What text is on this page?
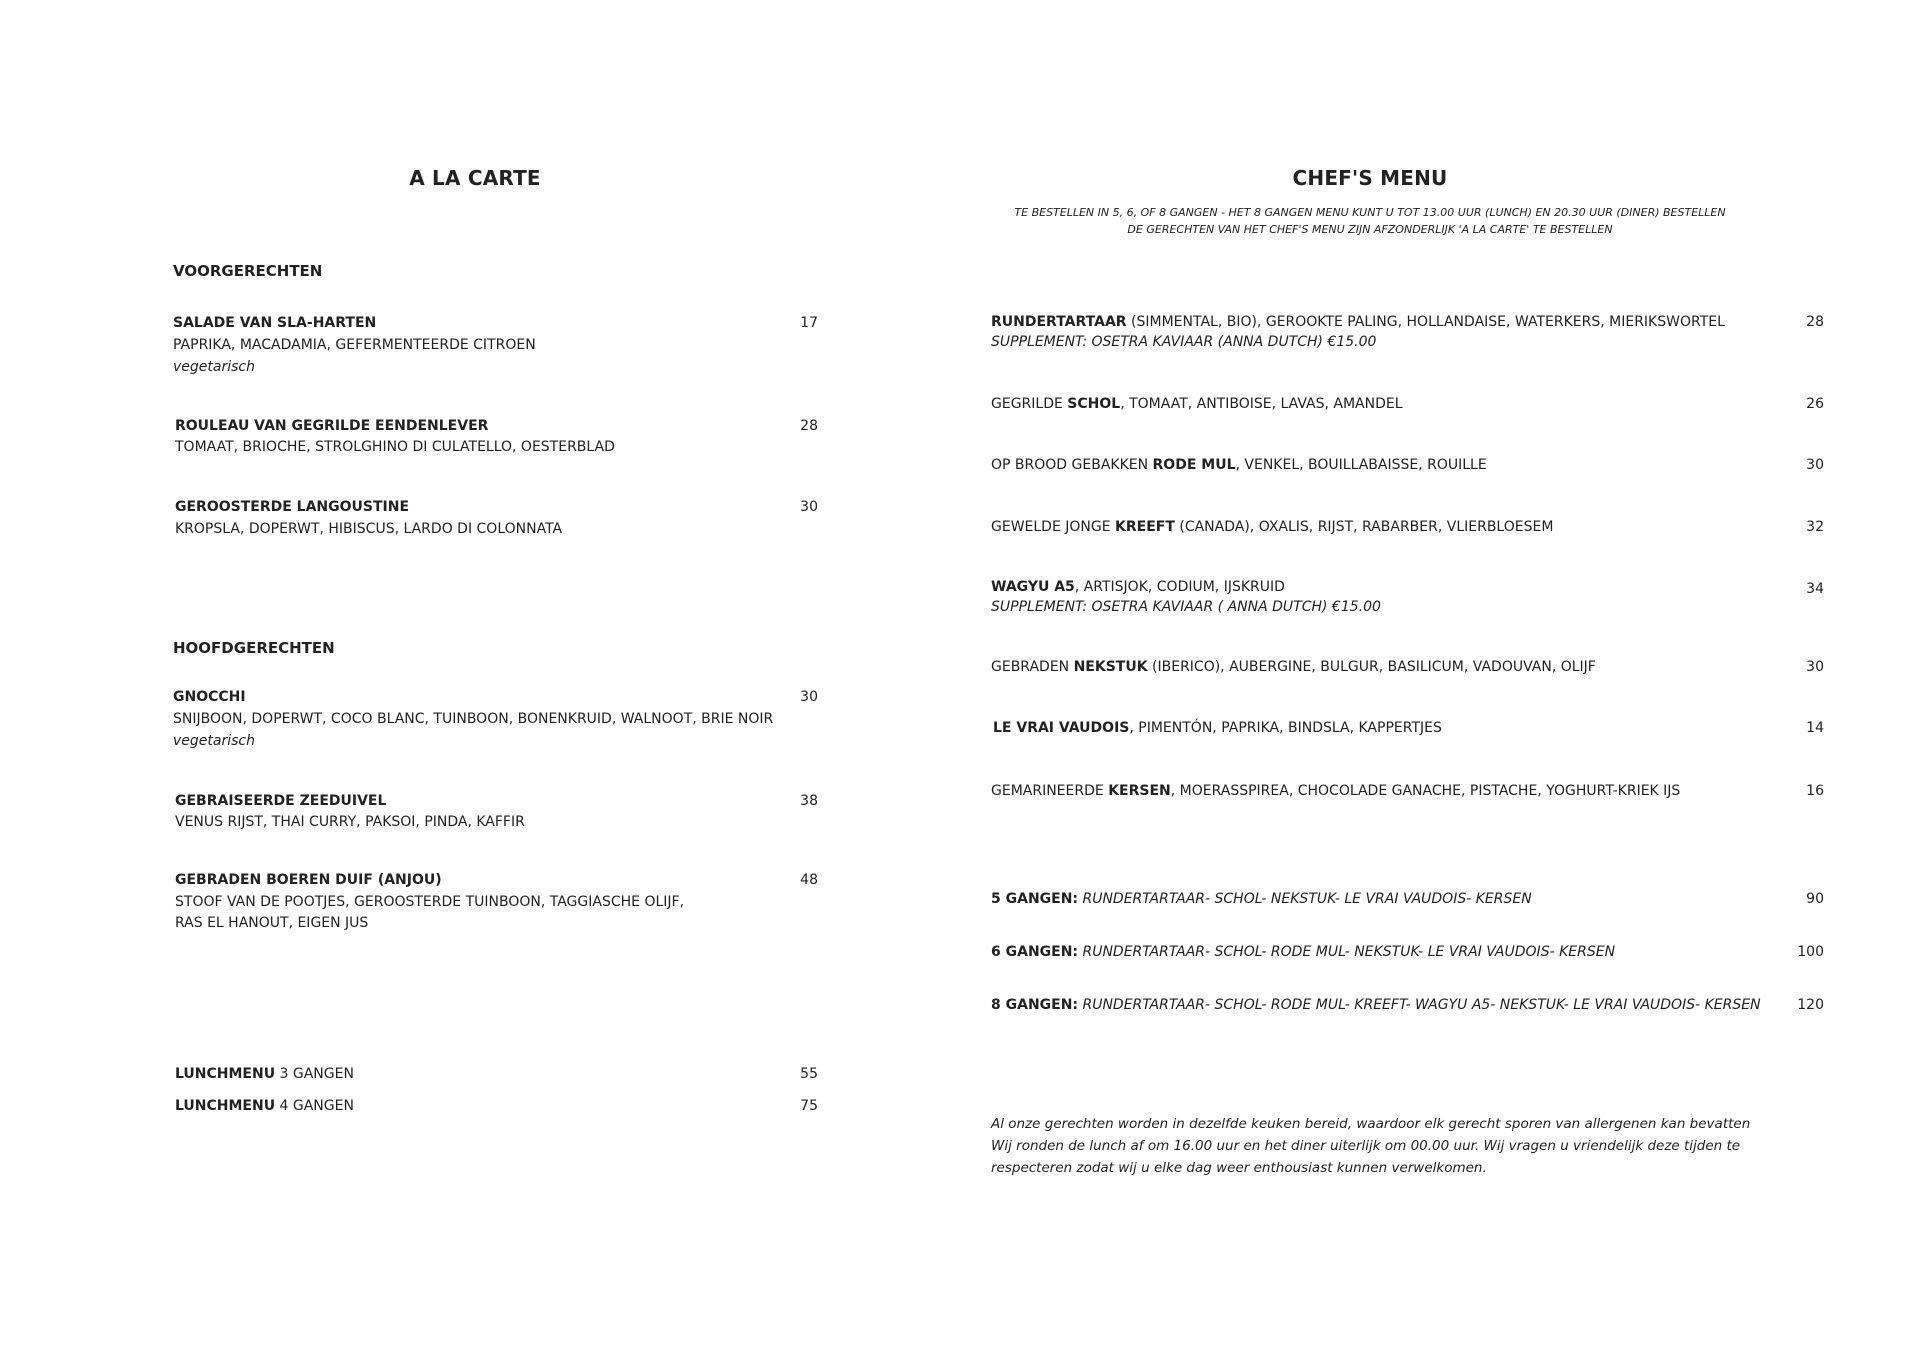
A LA CARTE
VOORGERECHTEN
SALADE VAN SLA-HARTEN	17
PAPRIKA, MACADAMIA, GEFERMENTEERDE CITROEN
vegetarisch
ROULEAU VAN GEGRILDE EENDENLEVER	28
TOMAAT, BRIOCHE, STROLGHINO DI CULATELLO, OESTERBLAD
GEROOSTERDE LANGOUSTINE	30
KROPSLA, DOPERWT, HIBISCUS, LARDO DI COLONNATA
HOOFDGERECHTEN
GNOCCHI	30
SNIJBOON, DOPERWT, COCO BLANC, TUINBOON, BONENKRUID, WALNOOT, BRIE NOIR
vegetarisch
GEBRAISEERDE ZEEDUIVEL	38
VENUS RIJST, THAI CURRY, PAKSOI, PINDA, KAFFIR
GEBRADEN BOEREN DUIF (ANJOU)	48
STOOF VAN DE POOTJES, GEROOSTERDE TUINBOON, TAGGIASCHE OLIJF,
RAS EL HANOUT, EIGEN JUS
LUNCHMENU 3 GANGEN	55
LUNCHMENU 4 GANGEN	75
CHEF'S MENU
TE BESTELLEN IN 5, 6, OF 8 GANGEN - HET 8 GANGEN MENU KUNT U TOT 13.00 UUR (LUNCH) EN 20.30 UUR (DINER) BESTELLEN
DE GERECHTEN VAN HET CHEF'S MENU ZIJN AFZONDERLIJK 'A LA CARTE' TE BESTELLEN
RUNDERTARTAAR (SIMMENTAL, BIO), GEROOKTE PALING, HOLLANDAISE, WATERKERS, MIERIKSWORTEL	28
SUPPLEMENT: OSETRA KAVIAAR (ANNA DUTCH) €15.00
GEGRILDE SCHOL, TOMAAT, ANTIBOISE, LAVAS, AMANDEL	26
OP BROOD GEBAKKEN RODE MUL, VENKEL, BOUILLABAISSE, ROUILLE	30
GEWELDE JONGE KREEFT (CANADA), OXALIS, RIJST, RABARBER, VLIERBLOESEM	32
WAGYU A5, ARTISJOK, CODIUM, IJSKRUID	34
SUPPLEMENT: OSETRA KAVIAAR ( ANNA DUTCH) €15.00
GEBRADEN NEKSTUK (IBERICO), AUBERGINE, BULGUR, BASILICUM, VADOUVAN, OLIJF	30
LE VRAI VAUDOIS, PIMENTÓN, PAPRIKA, BINDSLA, KAPPERTJES	14
GEMARINEERDE KERSEN, MOERASSPIREA, CHOCOLADE GANACHE, PISTACHE, YOGHURT-KRIEK IJS	16
5 GANGEN: RUNDERTARTAAR- SCHOL- NEKSTUK- LE VRAI VAUDOIS- KERSEN	90
6 GANGEN: RUNDERTARTAAR- SCHOL- RODE MUL- NEKSTUK- LE VRAI VAUDOIS- KERSEN	100
8 GANGEN: RUNDERTARTAAR- SCHOL- RODE MUL- KREEFT- WAGYU A5- NEKSTUK- LE VRAI VAUDOIS- KERSEN	120
Al onze gerechten worden in dezelfde keuken bereid, waardoor elk gerecht sporen van allergenen kan bevatten
Wij ronden de lunch af om 16.00 uur en het diner uiterlijk om 00.00 uur. Wij vragen u vriendelijk deze tijden te
respecteren zodat wij u elke dag weer enthousiast kunnen verwelkomen.
